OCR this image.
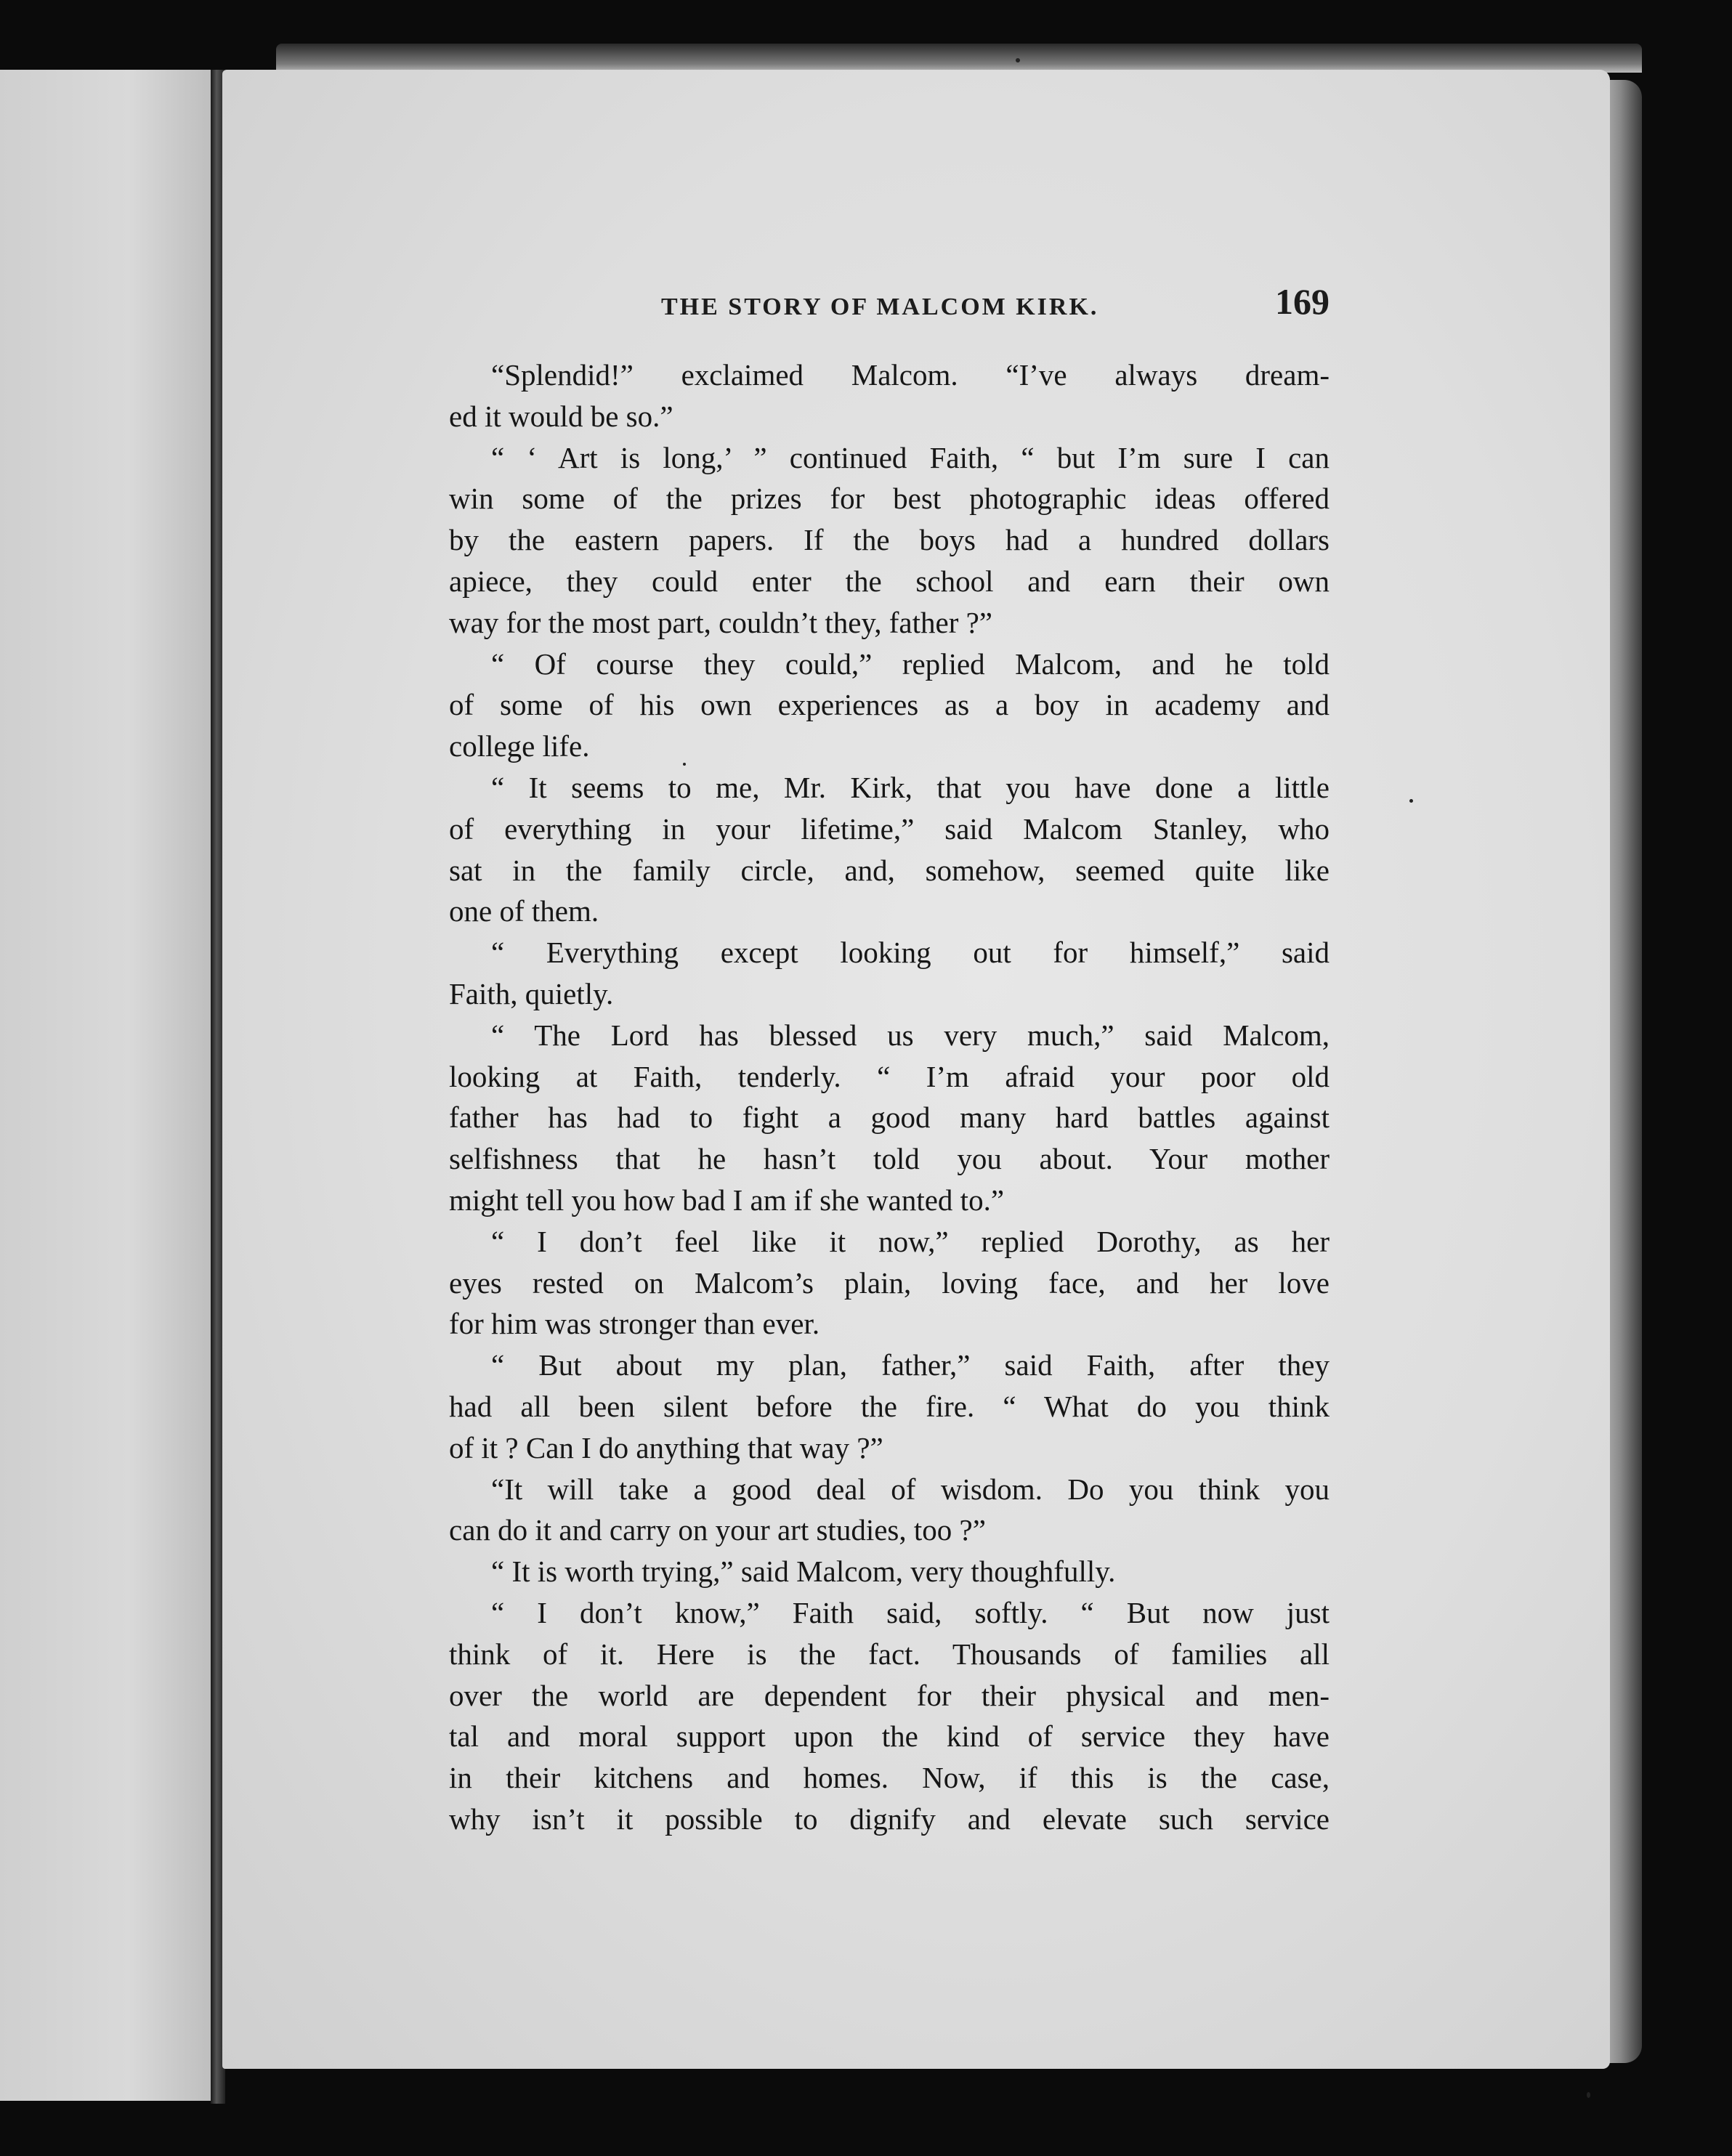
THE STORY OF MALCOM KIRK.	169
“Splendid!” exclaimed Malcom. “I’ve always dream-
ed it would be so.”
“ ‘ Art is long,’ ” continued Faith, “ but I’m sure I can
win some of the prizes for best photographic ideas offered
by the eastern papers. If the boys had a hundred dollars
apiece, they could enter the school and earn their own
way for the most part, couldn’t they, father ?”
“ Of course they could,” replied Malcom, and he told
of some of his own experiences as a boy in academy and
college life.
“ It seems to me, Mr. Kirk, that you have done a little
of everything in your lifetime,” said Malcom Stanley, who
sat in the family circle, and, somehow, seemed quite like
one of them.
“ Everything except looking out for himself,” said
Faith, quietly.
“ The Lord has blessed us very much,” said Malcom,
looking at Faith, tenderly. “ I’m afraid your poor old
father has had to fight a good many hard battles against
selfishness that he hasn’t told you about. Your mother
might tell you how bad I am if she wanted to.”
“ I don’t feel like it now,” replied Dorothy, as her
eyes rested on Malcom’s plain, loving face, and her love
for him was stronger than ever.
“ But about my plan, father,” said Faith, after they
had all been silent before the fire. “ What do you think
of it ? Can I do anything that way ?”
“It will take a good deal of wisdom. Do you think you
can do it and carry on your art studies, too ?”
“ It is worth trying,” said Malcom, very thoughfully.
“ I don’t know,” Faith said, softly. “ But now just
think of it. Here is the fact. Thousands of families all
over the world are dependent for their physical and men-
tal and moral support upon the kind of service they have
in their kitchens and homes. Now, if this is the case,
why isn’t it possible to dignify and elevate such service
